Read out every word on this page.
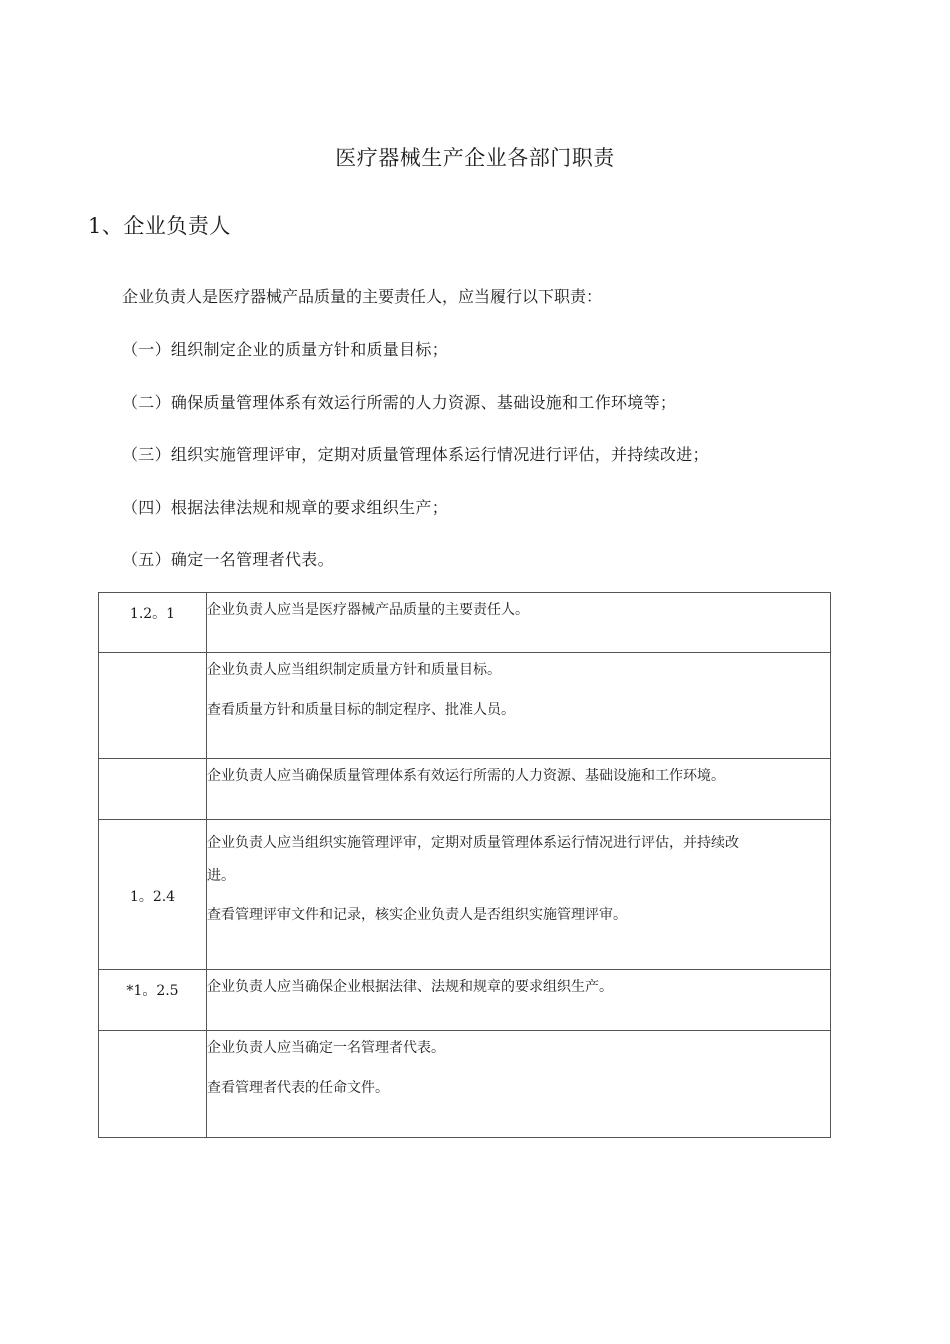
医疗器械生产企业各部门职责
1、企业负责人
企业负责人是医疗器械产品质量的主要责任人，应当履行以下职责：
（一）组织制定企业的质量方针和质量目标；
（二）确保质量管理体系有效运行所需的人力资源、基础设施和工作环境等；
（三）组织实施管理评审，定期对质量管理体系运行情况进行评估，并持续改进；
（四）根据法律法规和规章的要求组织生产；
（五）确定一名管理者代表。
1.2。1	企业负责人应当是医疗器械产品质量的主要责任人。

	企业负责人应当组织制定质量方针和质量目标。
查看质量方针和质量目标的制定程序、批准人员。

	企业负责人应当确保质量管理体系有效运行所需的人力资源、基础设施和工作环境。

1。2.4	企业负责人应当组织实施管理评审，定期对质量管理体系运行情况进行评估，并持续改
进。
查看管理评审文件和记录，核实企业负责人是否组织实施管理评审。

*1。2.5	企业负责人应当确保企业根据法律、法规和规章的要求组织生产。

	企业负责人应当确定一名管理者代表。
查看管理者代表的任命文件。
